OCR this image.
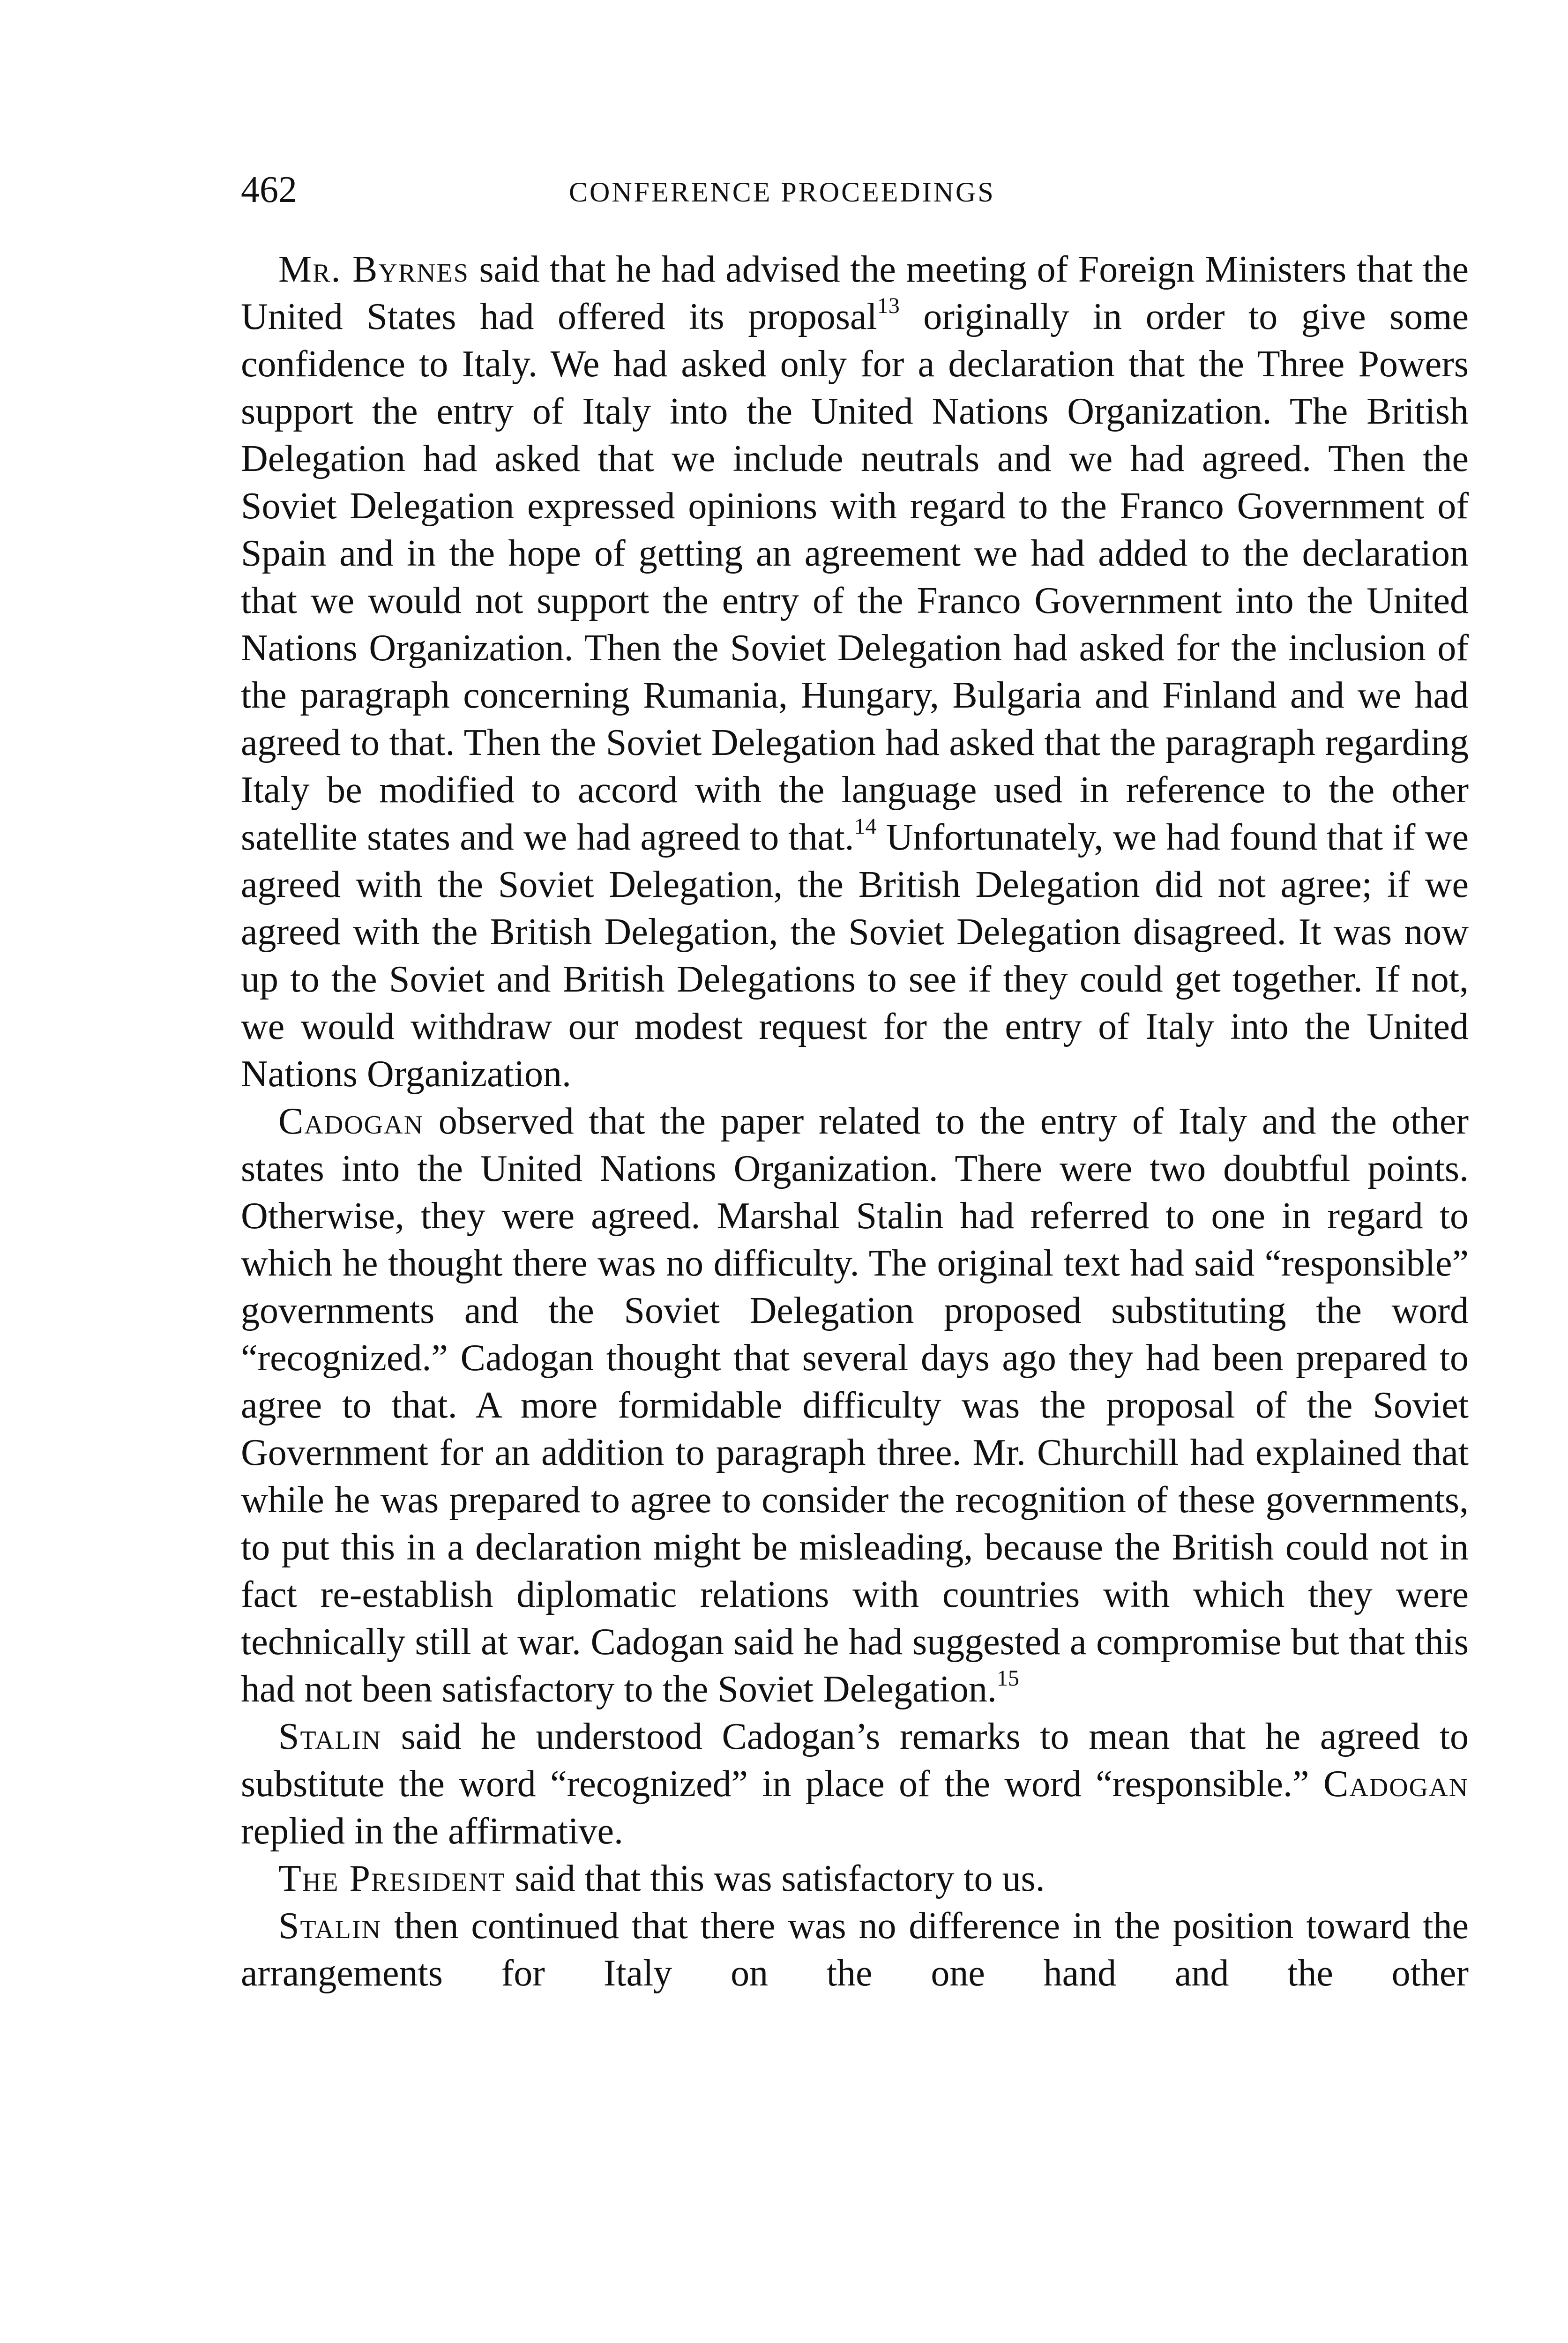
462	CONFERENCE PROCEEDINGS

Mr. Byrnes said that he had advised the meeting of Foreign Ministers that the United States had offered its proposal$^{13}$ originally in order to give some confidence to Italy. We had asked only for a declaration that the Three Powers support the entry of Italy into the United Nations Organization. The British Delegation had asked that we include neutrals and we had agreed. Then the Soviet Delegation expressed opinions with regard to the Franco Government of Spain and in the hope of getting an agreement we had added to the declaration that we would not support the entry of the Franco Government into the United Nations Organization. Then the Soviet Delegation had asked for the inclusion of the paragraph concerning Rumania, Hungary, Bulgaria and Finland and we had agreed to that. Then the Soviet Delegation had asked that the paragraph regarding Italy be modified to accord with the language used in reference to the other satellite states and we had agreed to that.$^{14}$ Unfortunately, we had found that if we agreed with the Soviet Delegation, the British Delegation did not agree; if we agreed with the British Delegation, the Soviet Delegation disagreed. It was now up to the Soviet and British Delegations to see if they could get together. If not, we would withdraw our modest request for the entry of Italy into the United Nations Organization.

Cadogan observed that the paper related to the entry of Italy and the other states into the United Nations Organization. There were two doubtful points. Otherwise, they were agreed. Marshal Stalin had referred to one in regard to which he thought there was no difficulty. The original text had said “responsible” governments and the Soviet Delegation proposed substituting the word “recognized.” Cadogan thought that several days ago they had been prepared to agree to that. A more formidable difficulty was the proposal of the Soviet Government for an addition to paragraph three. Mr. Churchill had explained that while he was prepared to agree to consider the recognition of these governments, to put this in a declaration might be misleading, because the British could not in fact re-establish diplomatic relations with countries with which they were technically still at war. Cadogan said he had suggested a compromise but that this had not been satisfactory to the Soviet Delegation.$^{15}$

Stalin said he understood Cadogan’s remarks to mean that he agreed to substitute the word “recognized” in place of the word “responsible.” Cadogan replied in the affirmative.

The President said that this was satisfactory to us.

Stalin then continued that there was no difference in the position toward the arrangements for Italy on the one hand and the other
